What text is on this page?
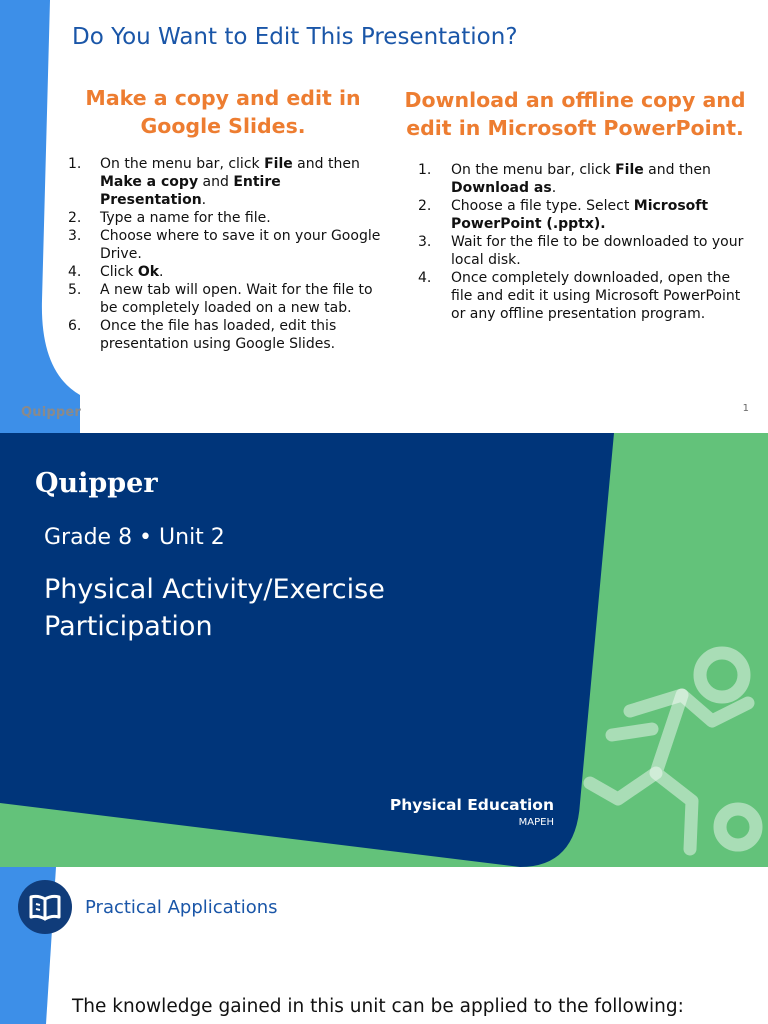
Do You Want to Edit This Presentation?
Make a copy and edit in Google Slides.
1.	On the menu bar, click File and then Make a copy and Entire Presentation.
2.	Type a name for the file.
3.	Choose where to save it on your Google Drive.
4.	Click Ok.
5.	A new tab will open. Wait for the file to be completely loaded on a new tab.
6.	Once the file has loaded, edit this presentation using Google Slides.
Download an offline copy and edit in Microsoft PowerPoint.
1.	On the menu bar, click File and then Download as.
2.	Choose a file type. Select Microsoft PowerPoint (.pptx).
3.	Wait for the file to be downloaded to your local disk.
4.	Once completely downloaded, open the file and edit it using Microsoft PowerPoint or any offline presentation program.
Quipper	1
Quipper
Grade 8 • Unit 2
Physical Activity/Exercise Participation
Physical Education
MAPEH
Practical Applications
The knowledge gained in this unit can be applied to the following:
